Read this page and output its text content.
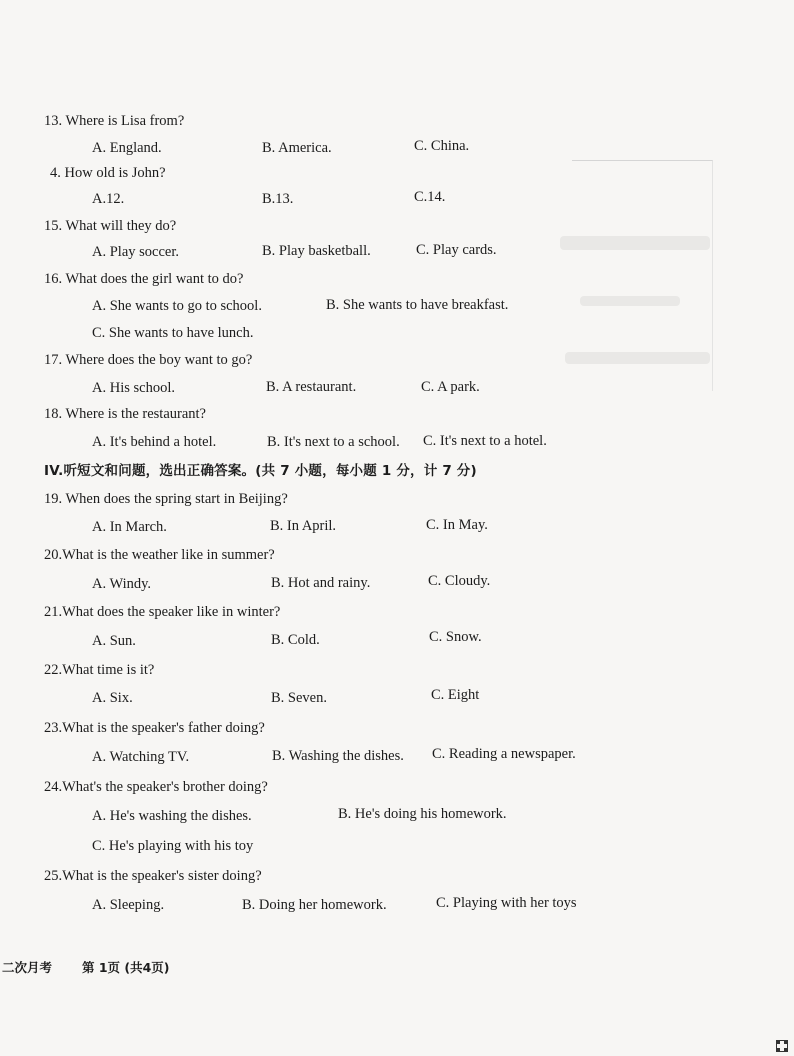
13. Where is Lisa from?
A. England.	B. America.	C. China.
4. How old is John?
A.12.	B.13.	C.14.
15. What will they do?
A. Play soccer.	B. Play basketball.	C. Play cards.
16. What does the girl want to do?
A. She wants to go to school.	B. She wants to have breakfast.
C. She wants to have lunch.
17. Where does the boy want to go?
A. His school.	B. A restaurant.	C. A park.
18. Where is the restaurant?
A. It's behind a hotel.	B. It's next to a school. C. It's next to a hotel.
IV.听短文和问题，选出正确答案。(共 7 小题，每小题 1 分，计 7 分)
19. When does the spring start in Beijing?
A. In March.	B. In April.	C. In May.
20.What is the weather like in summer?
A. Windy.	B. Hot and rainy.	C. Cloudy.
21.What does the speaker like in winter?
A. Sun.	B. Cold.	C. Snow.
22.What time is it?
A. Six.	B. Seven.	C. Eight
23.What is the speaker's father doing?
A. Watching TV.	B. Washing the dishes. C. Reading a newspaper.
24.What's the speaker's brother doing?
A. He's washing the dishes.	B. He's doing his homework.
C. He's playing with his toy
25.What is the speaker's sister doing?
A. Sleeping.	B. Doing her homework.	C. Playing with her toys
二次月考 第 1页 (共4页)
